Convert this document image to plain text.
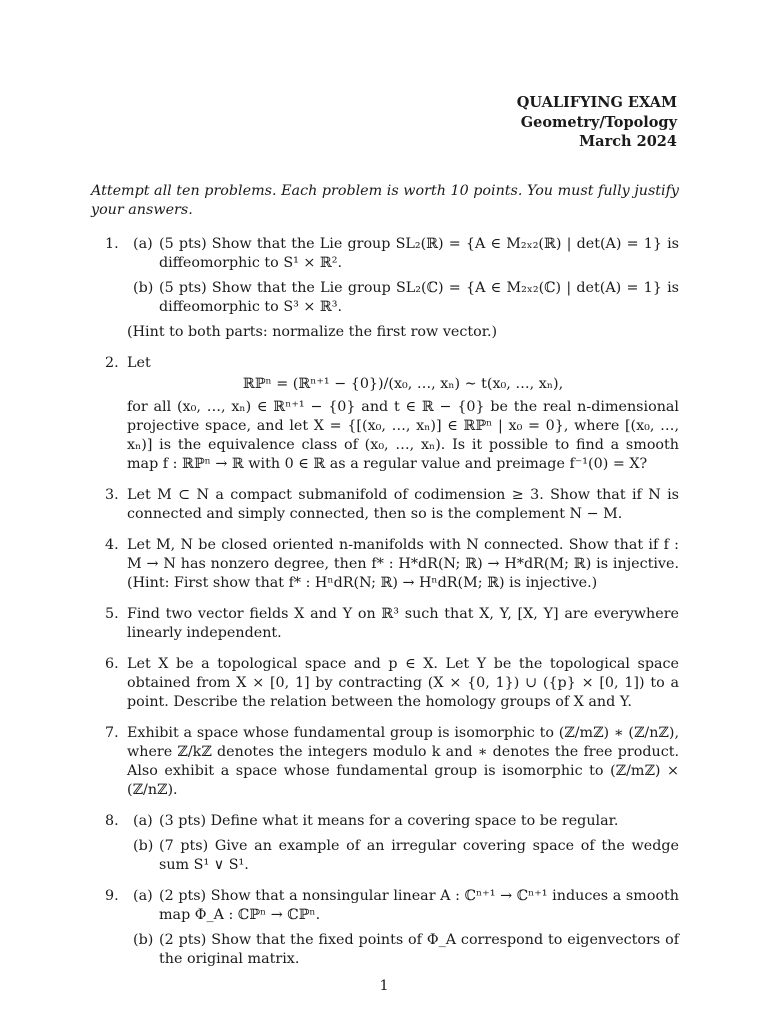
QUALIFYING EXAM
Geometry/Topology
March 2024
Attempt all ten problems. Each problem is worth 10 points. You must fully justify your answers.
1. (a) (5 pts) Show that the Lie group SL₂(ℝ) = {A ∈ M₂ₓ₂(ℝ) | det(A) = 1} is diffeomorphic to S¹ × ℝ².
(b) (5 pts) Show that the Lie group SL₂(ℂ) = {A ∈ M₂ₓ₂(ℂ) | det(A) = 1} is diffeomorphic to S³ × ℝ³.
(Hint to both parts: normalize the first row vector.)
2. Let
ℝℙⁿ = (ℝⁿ⁺¹ − {0})/(x₀, …, xₙ) ∼ t(x₀, …, xₙ),
for all (x₀, …, xₙ) ∈ ℝⁿ⁺¹ − {0} and t ∈ ℝ − {0} be the real n-dimensional projective space, and let X = {[(x₀, …, xₙ)] ∈ ℝℙⁿ | x₀ = 0}, where [(x₀, …, xₙ)] is the equivalence class of (x₀, …, xₙ). Is it possible to find a smooth map f : ℝℙⁿ → ℝ with 0 ∈ ℝ as a regular value and preimage f⁻¹(0) = X?
3. Let M ⊂ N a compact submanifold of codimension ≥ 3. Show that if N is connected and simply connected, then so is the complement N − M.
4. Let M, N be closed oriented n-manifolds with N connected. Show that if f : M → N has nonzero degree, then f* : H*dR(N; ℝ) → H*dR(M; ℝ) is injective. (Hint: First show that f* : HⁿdR(N; ℝ) → HⁿdR(M; ℝ) is injective.)
5. Find two vector fields X and Y on ℝ³ such that X, Y, [X, Y] are everywhere linearly independent.
6. Let X be a topological space and p ∈ X. Let Y be the topological space obtained from X × [0, 1] by contracting (X × {0, 1}) ∪ ({p} × [0, 1]) to a point. Describe the relation between the homology groups of X and Y.
7. Exhibit a space whose fundamental group is isomorphic to (ℤ/mℤ) ∗ (ℤ/nℤ), where ℤ/kℤ denotes the integers modulo k and ∗ denotes the free product. Also exhibit a space whose fundamental group is isomorphic to (ℤ/mℤ) × (ℤ/nℤ).
8. (a) (3 pts) Define what it means for a covering space to be regular.
(b) (7 pts) Give an example of an irregular covering space of the wedge sum S¹ ∨ S¹.
9. (a) (2 pts) Show that a nonsingular linear A : ℂⁿ⁺¹ → ℂⁿ⁺¹ induces a smooth map Φ_A : ℂℙⁿ → ℂℙⁿ.
(b) (2 pts) Show that the fixed points of Φ_A correspond to eigenvectors of the original matrix.
1
